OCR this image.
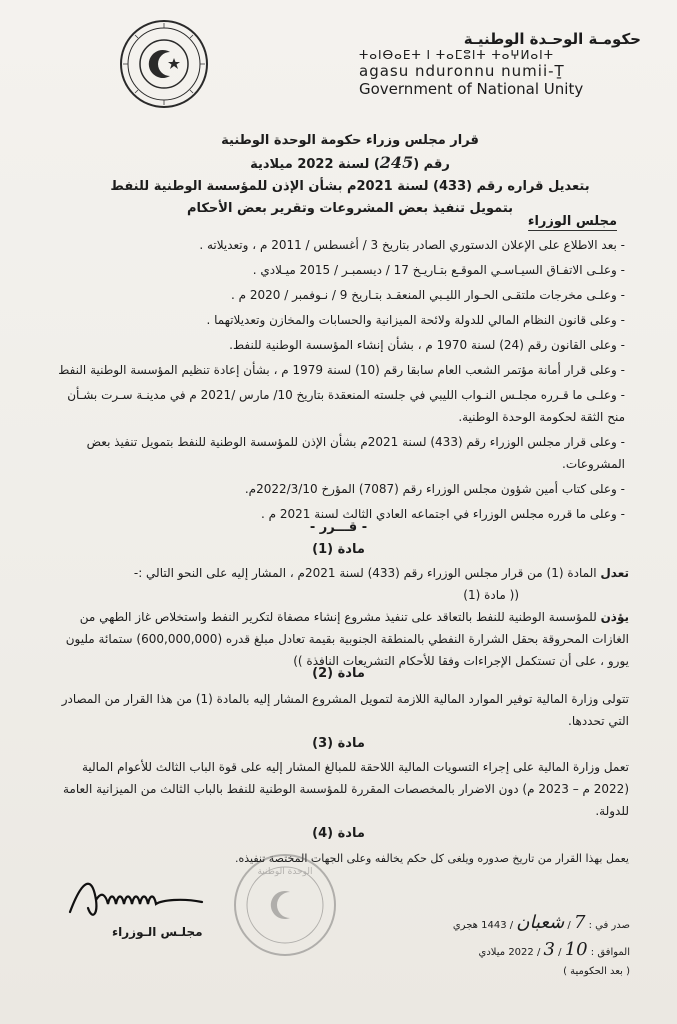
حكومـة الوحـدة الوطنيـة
ⵜⴰⵏⴱⴰⴹⵜ ⵏ ⵜⴰⵎⵓⵏⵜ ⵜⴰⵖⵍⴰⵏⵜ
agasu ndurоnnu numii-Ṯ
Government of National Unity
قرار مجلس وزراء حكومة الوحدة الوطنية
رقم (245) لسنة 2022 ميلادية
بتعديل قراره رقم (433) لسنة 2021م بشأن الإذن للمؤسسة الوطنية للنفط
بتمويل تنفيذ بعض المشروعات وتقرير بعض الأحكام
مجلس الوزراء

- بعد الاطلاع على الإعلان الدستوري الصادر بتاريخ 3 / أغسطس / 2011 م ، وتعديلاته .

- وعلـى الاتفـاق السيـاسـي الموقـع بتـاريـخ 17 / ديسمبـر / 2015 ميـلادي .

- وعلـى مخرجات ملتقـى الحـوار الليـبي المنعقـد بتـاريخ 9 / نـوفمبر / 2020 م .

- وعلى قانون النظام المالي للدولة ولائحة الميزانية والحسابات والمخازن وتعديلاتهما .

- وعلى القانون رقم (24) لسنة 1970 م ، بشأن إنشاء المؤسسة الوطنية للنفط.

- وعلى قرار أمانة مؤتمر الشعب العام سابقا رقم (10) لسنة 1979 م ، بشأن إعادة تنظيم المؤسسة الوطنية النفط

- وعلـى ما قـرره مجلـس النـواب الليبي في جلسته المنعقدة بتاريخ 10/ مارس /2021 م في مدينـة سـرت بشـأن منح الثقة لحكومة الوحدة الوطنية.

- وعلى قرار مجلس الوزراء رقم (433) لسنة 2021م بشأن الإذن للمؤسسة الوطنية للنفط بتمويل تنفيذ بعض المشروعات.

- وعلى كتاب أمين شؤون مجلس الوزراء رقم (7087) المؤرخ 2022/3/10م.

- وعلى ما قرره مجلس الوزراء في اجتماعه العادي الثالث لسنة 2021 م .

- قـــرر -
مادة (1)

تعدل المادة (1) من قرار مجلس الوزراء رقم (433) لسنة 2021م ، المشار إليه على النحو التالي :-

(( مادة (1)

يؤذن للمؤسسة الوطنية للنفط بالتعاقد على تنفيذ مشروع إنشاء مصفاة لتكرير النفط واستخلاص غاز الطهي من الغازات المحروقة بحقل الشرارة النفطي بالمنطقة الجنوبية بقيمة تعادل مبلغ قدره (600,000,000) ستمائة مليون يورو ، على أن تستكمل الإجراءات وفقا للأحكام التشريعات النافذة ))

مادة (2)
تتولى وزارة المالية توفير الموارد المالية اللازمة لتمويل المشروع المشار إليه بالمادة (1) من هذا القرار من المصادر التي تحددها.
مادة (3)
تعمل وزارة المالية على إجراء التسويات المالية اللاحقة للمبالغ المشار إليه على قوة الباب الثالث للأعوام المالية (2022 م – 2023 م) دون الاضرار بالمخصصات المقررة للمؤسسة الوطنية للنفط بالباب الثالث من الميزانية العامة للدولة.
مادة (4)
يعمل بهذا القرار من تاريخ صدوره ويلغى كل حكم يخالفه وعلى الجهات المختصة تنفيذه.
الوحدة الوطنية
مجلـس الـوزراء	صدر في : 7 / شعبان / 1443 هجري
الموافق : 10 / 3 / 2022 ميلادي
( بعد الحكومية )
